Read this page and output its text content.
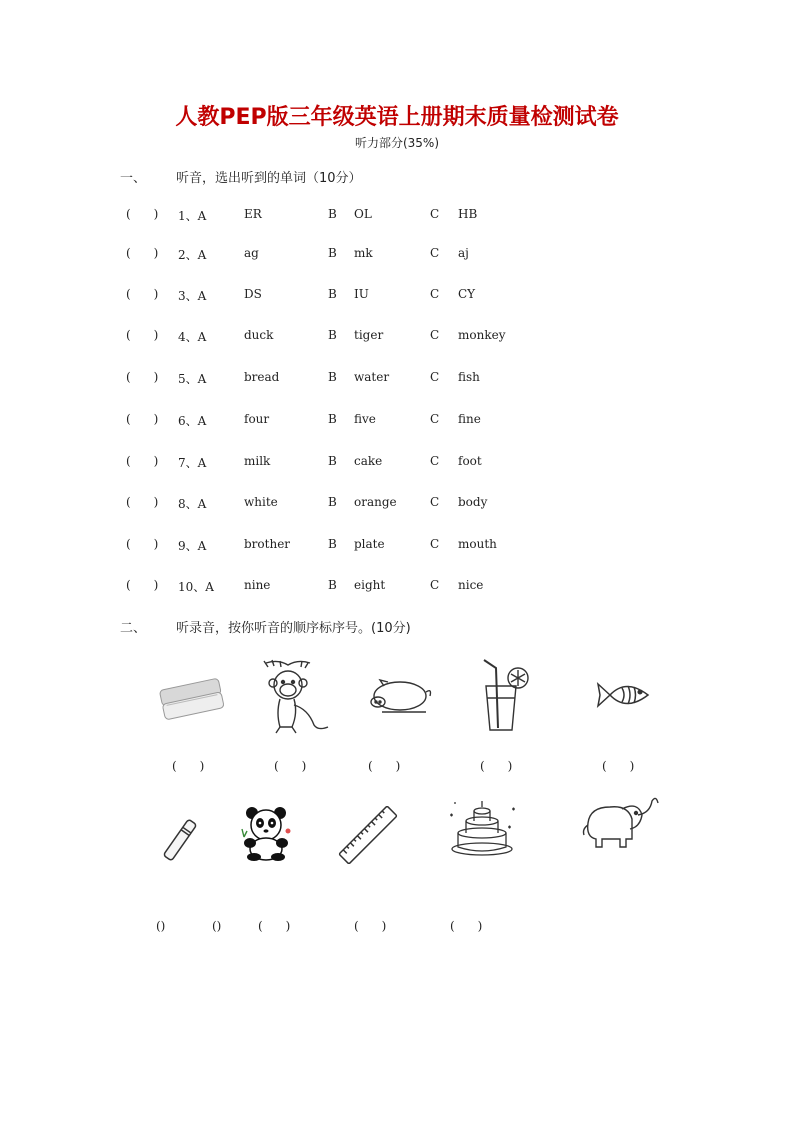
人教PEP版三年级英语上册期末质量检测试卷
听力部分(35%)
一、 听音，选出听到的单词（10分）
(      ) 1、A	ER	B OL	C HB
(      ) 2、A	ag	B mk	C aj
(      ) 3、A	DS	B IU	C CY
(      ) 4、A	duck	B tiger	C monkey
(      ) 5、A	bread	B water	C fish
(      ) 6、A	four	B five	C fine
(      ) 7、A	milk	B cake	C foot
(      ) 8、A	white	B orange	C body
(      ) 9、A	brother	B plate	C mouth
(      ) 10、A	nine	B eight	C nice
二、 听录音，按你听音的顺序标序号。(10分)
(      )	(      )	(      )	(      )	(      )
()	()	(      )	(      )	(      )
